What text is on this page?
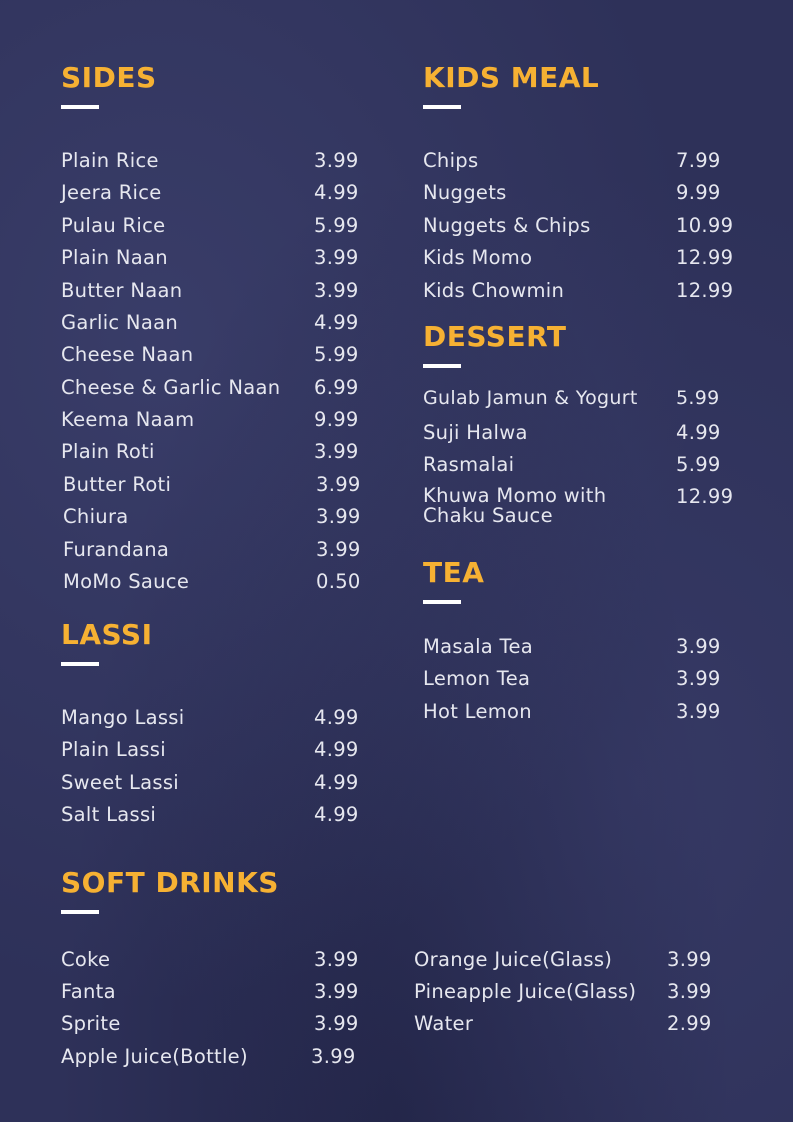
SIDES
Plain Rice	3.99
Jeera Rice	4.99
Pulau Rice	5.99
Plain Naan	3.99
Butter Naan	3.99
Garlic Naan	4.99
Cheese Naan	5.99
Cheese & Garlic Naan 6.99
Keema Naam	9.99
Plain Roti	3.99
Butter Roti	3.99
Chiura	3.99
Furandana	3.99
MoMo Sauce	0.50
LASSI
Mango Lassi	4.99
Plain Lassi	4.99
Sweet Lassi	4.99
Salt Lassi	4.99
KIDS MEAL
Chips	7.99
Nuggets	9.99
Nuggets & Chips	10.99
Kids Momo	12.99
Kids Chowmin	12.99
DESSERT
Gulab Jamun & Yogurt 5.99
Suji Halwa	4.99
Rasmalai	5.99
Khuwa Momo with Chaku Sauce
12.99
TEA
Masala Tea	3.99
Lemon Tea	3.99
Hot Lemon	3.99
SOFT DRINKS
Coke	3.99
Fanta	3.99
Sprite	3.99
Apple Juice(Bottle)	3.99
Orange Juice(Glass)	3.99
Pineapple Juice(Glass) 3.99
Water	2.99
